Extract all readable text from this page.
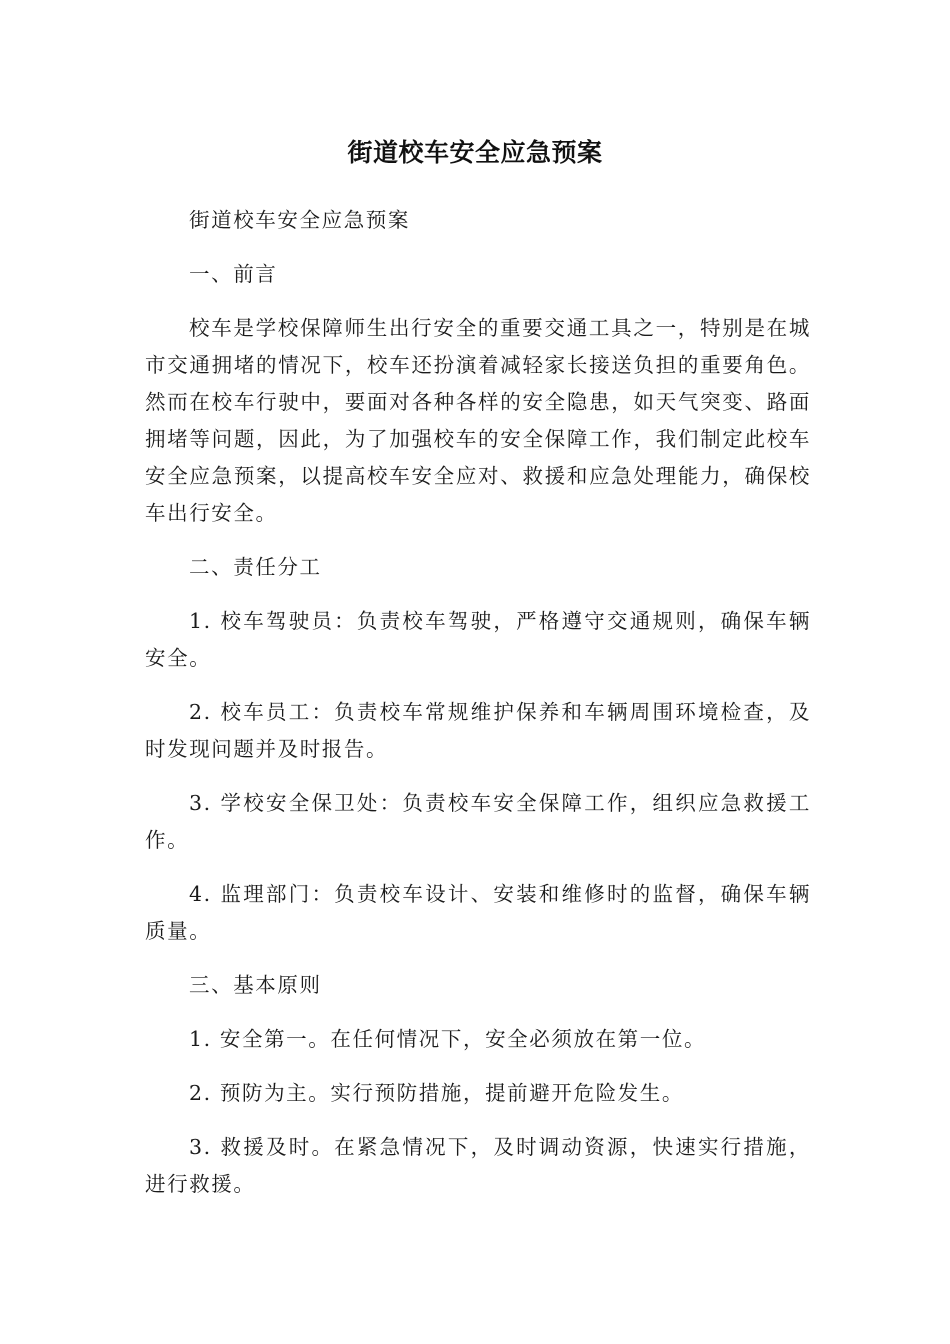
街道校车安全应急预案

街道校车安全应急预案

一、前言

校车是学校保障师生出行安全的重要交通工具之一，特别是在城市交通拥堵的情况下，校车还扮演着减轻家长接送负担的重要角色。然而在校车行驶中，要面对各种各样的安全隐患，如天气突变、路面拥堵等问题，因此，为了加强校车的安全保障工作，我们制定此校车安全应急预案，以提高校车安全应对、救援和应急处理能力，确保校车出行安全。

二、责任分工

1. 校车驾驶员：负责校车驾驶，严格遵守交通规则，确保车辆安全。

2. 校车员工：负责校车常规维护保养和车辆周围环境检查，及时发现问题并及时报告。

3. 学校安全保卫处：负责校车安全保障工作，组织应急救援工作。

4. 监理部门：负责校车设计、安装和维修时的监督，确保车辆质量。

三、基本原则

1. 安全第一。在任何情况下，安全必须放在第一位。

2. 预防为主。实行预防措施，提前避开危险发生。

3. 救援及时。在紧急情况下，及时调动资源，快速实行措施，进行救援。
